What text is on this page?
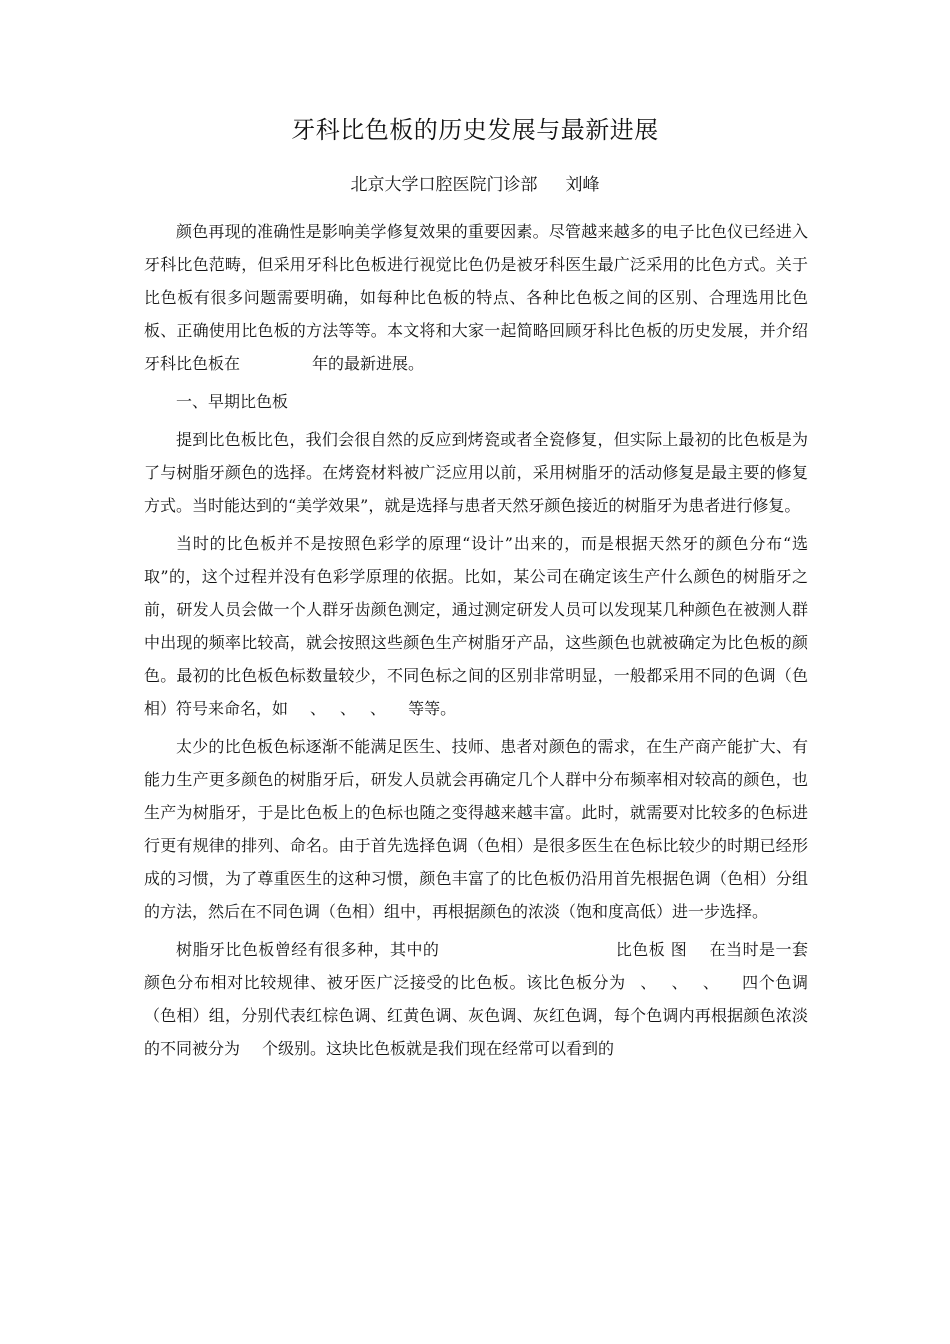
牙科比色板的历史发展与最新进展
北京大学口腔医院门诊部 刘峰

颜色再现的准确性是影响美学修复效果的重要因素。尽管越来越多的电子比色仪已经进入牙科比色范畴，但采用牙科比色板进行视觉比色仍是被牙科医生最广泛采用的比色方式。关于比色板有很多问题需要明确，如每种比色板的特点、各种比色板之间的区别、合理选用比色板、正确使用比色板的方法等等。本文将和大家一起简略回顾牙科比色板的历史发展，并介绍牙科比色板在	年的最新进展。

一、早期比色板

提到比色板比色，我们会很自然的反应到烤瓷或者全瓷修复，但实际上最初的比色板是为了与树脂牙颜色的选择。在烤瓷材料被广泛应用以前，采用树脂牙的活动修复是最主要的修复方式。当时能达到的“美学效果”，就是选择与患者天然牙颜色接近的树脂牙为患者进行修复。

当时的比色板并不是按照色彩学的原理“设计”出来的，而是根据天然牙的颜色分布“选取”的，这个过程并没有色彩学原理的依据。比如，某公司在确定该生产什么颜色的树脂牙之前，研发人员会做一个人群牙齿颜色测定，通过测定研发人员可以发现某几种颜色在被测人群中出现的频率比较高，就会按照这些颜色生产树脂牙产品，这些颜色也就被确定为比色板的颜色。最初的比色板色标数量较少，不同色标之间的区别非常明显，一般都采用不同的色调（色相）符号来命名，如 、 、 、 等等。

太少的比色板色标逐渐不能满足医生、技师、患者对颜色的需求，在生产商产能扩大、有能力生产更多颜色的树脂牙后，研发人员就会再确定几个人群中分布频率相对较高的颜色，也生产为树脂牙，于是比色板上的色标也随之变得越来越丰富。此时，就需要对比较多的色标进行更有规律的排列、命名。由于首先选择色调（色相）是很多医生在色标比较少的时期已经形成的习惯，为了尊重医生的这种习惯，颜色丰富了的比色板仍沿用首先根据色调（色相）分组的方法，然后在不同色调（色相）组中，再根据颜色的浓淡（饱和度高低）进一步选择。

树脂牙比色板曾经有很多种，其中的	比色板 图 在当时是一套颜色分布相对比较规律、被牙医广泛接受的比色板。该比色板分为 、 、 、 四个色调（色相）组，分别代表红棕色调、红黄色调、灰色调、灰红色调，每个色调内再根据颜色浓淡的不同被分为 个级别。这块比色板就是我们现在经常可以看到的
